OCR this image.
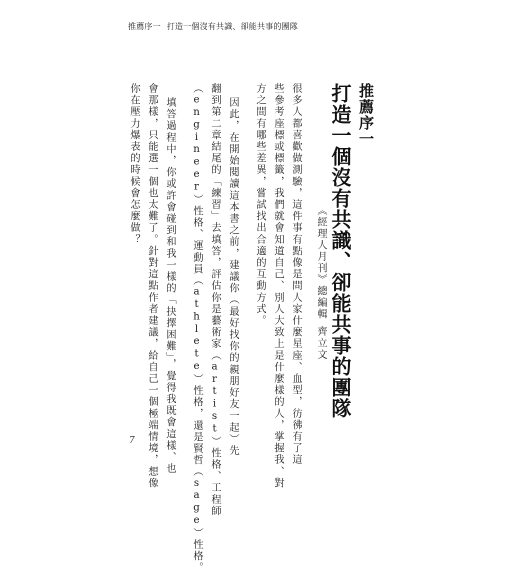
推薦序一 打造一個沒有共識、卻能共事的團隊
推薦序一
打造一個沒有共識、卻能共事的團隊
《經理人月刊》總編輯齊立文
很多人都喜歡做測驗，這件事有點像是問人家什麼星座、血型，彷彿有了這
些參考座標或標籤，我們就會知道自己、別人大致上是什麼樣的人，掌握我、對
方之間有哪些差異，嘗試找出合適的互動方式。
因此，在開始閱讀這本書之前，建議你（最好找你的親朋好友一起）先
翻到第二章結尾的「練習」去填答，評估你是藝術家（artist）性格、工程師
（engineer）性格、運動員（athlete）性格，還是賢哲（sage）性格。
填答過程中，你或許會碰到和我一樣的「抉擇困難」，覺得我既會這樣、也
會那樣，只能選一個也太難了。針對這點作者建議，給自己一個極端情境，想像
你在壓力爆表的時候會怎麼做？
7
